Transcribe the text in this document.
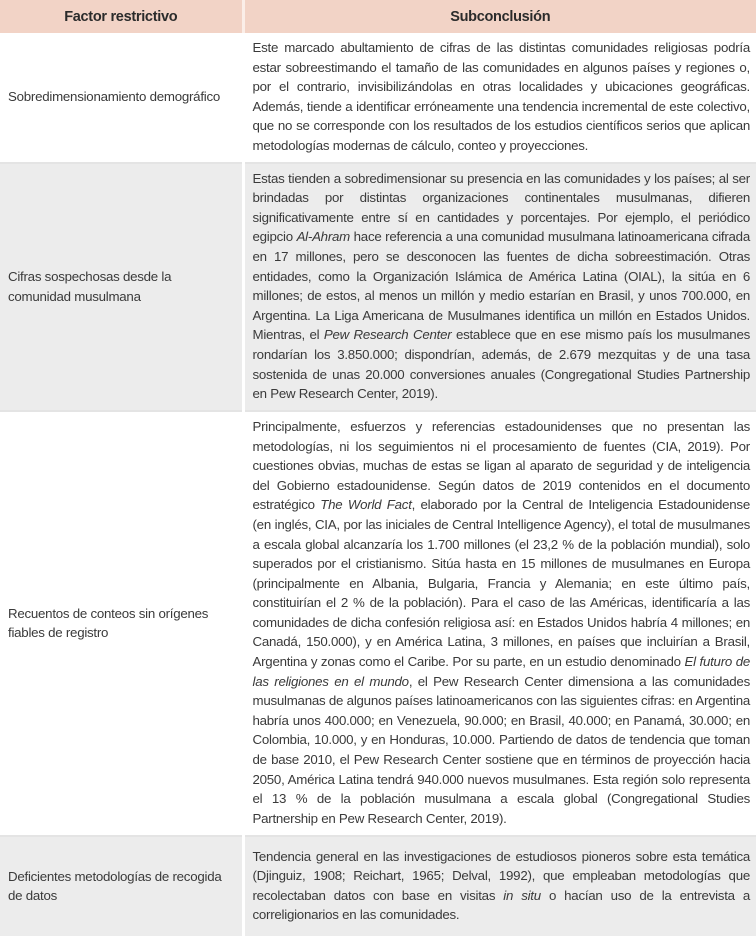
Factor restrictivo	Subconclusión
Sobredimensionamiento demográfico	Este marcado abultamiento de cifras de las distintas comunidades religiosas podría estar sobreestimando el tamaño de las comunidades en algunos países y regiones o, por el contrario, invisibilizándolas en otras localidades y ubicaciones geográficas. Además, tiende a identificar erróneamente una tendencia incremental de este colectivo, que no se corresponde con los resultados de los estudios científicos serios que aplican metodologías modernas de cálculo, conteo y proyecciones.
Cifras sospechosas desde la comunidad musulmana	Estas tienden a sobredimensionar su presencia en las comunidades y los países; al ser brindadas por distintas organizaciones continentales musulmanas, difieren significativamente entre sí en cantidades y porcentajes. Por ejemplo, el periódico egipcio Al-Ahram hace referencia a una comunidad musulmana latinoamericana cifrada en 17 millones, pero se desconocen las fuentes de dicha sobreestimación. Otras entidades, como la Organización Islámica de América Latina (OIAL), la sitúa en 6 millones; de estos, al menos un millón y medio estarían en Brasil, y unos 700.000, en Argentina. La Liga Americana de Musulmanes identifica un millón en Estados Unidos. Mientras, el Pew Research Center establece que en ese mismo país los musulmanes rondarían los 3.850.000; dispondrían, además, de 2.679 mezquitas y de una tasa sostenida de unas 20.000 conversiones anuales (Congregational Studies Partnership en Pew Research Center, 2019).
Recuentos de conteos sin orígenes fiables de registro	Principalmente, esfuerzos y referencias estadounidenses que no presentan las metodologías, ni los seguimientos ni el procesamiento de fuentes (CIA, 2019). Por cuestiones obvias, muchas de estas se ligan al aparato de seguridad y de inteligencia del Gobierno estadounidense. Según datos de 2019 contenidos en el documento estratégico The World Fact, elaborado por la Central de Inteligencia Estadounidense (en inglés, CIA, por las iniciales de Central Intelligence Agency), el total de musulmanes a escala global alcanzaría los 1.700 millones (el 23,2 % de la población mundial), solo superados por el cristianismo. Sitúa hasta en 15 millones de musulmanes en Europa (principalmente en Albania, Bulgaria, Francia y Alemania; en este último país, constituirían el 2 % de la población). Para el caso de las Américas, identificaría a las comunidades de dicha confesión religiosa así: en Estados Unidos habría 4 millones; en Canadá, 150.000), y en América Latina, 3 millones, en países que incluirían a Brasil, Argentina y zonas como el Caribe. Por su parte, en un estudio denominado El futuro de las religiones en el mundo, el Pew Research Center dimensiona a las comunidades musulmanas de algunos países latinoamericanos con las siguientes cifras: en Argentina habría unos 400.000; en Venezuela, 90.000; en Brasil, 40.000; en Panamá, 30.000; en Colombia, 10.000, y en Honduras, 10.000. Partiendo de datos de tendencia que toman de base 2010, el Pew Research Center sostiene que en términos de proyección hacia 2050, América Latina tendrá 940.000 nuevos musulmanes. Esta región solo representa el 13 % de la población musulmana a escala global (Congregational Studies Partnership en Pew Research Center, 2019).
Deficientes metodologías de recogida de datos	Tendencia general en las investigaciones de estudiosos pioneros sobre esta temática (Djinguiz, 1908; Reichart, 1965; Delval, 1992), que empleaban metodologías que recolectaban datos con base en visitas in situ o hacían uso de la entrevista a correligionarios en las comunidades.
